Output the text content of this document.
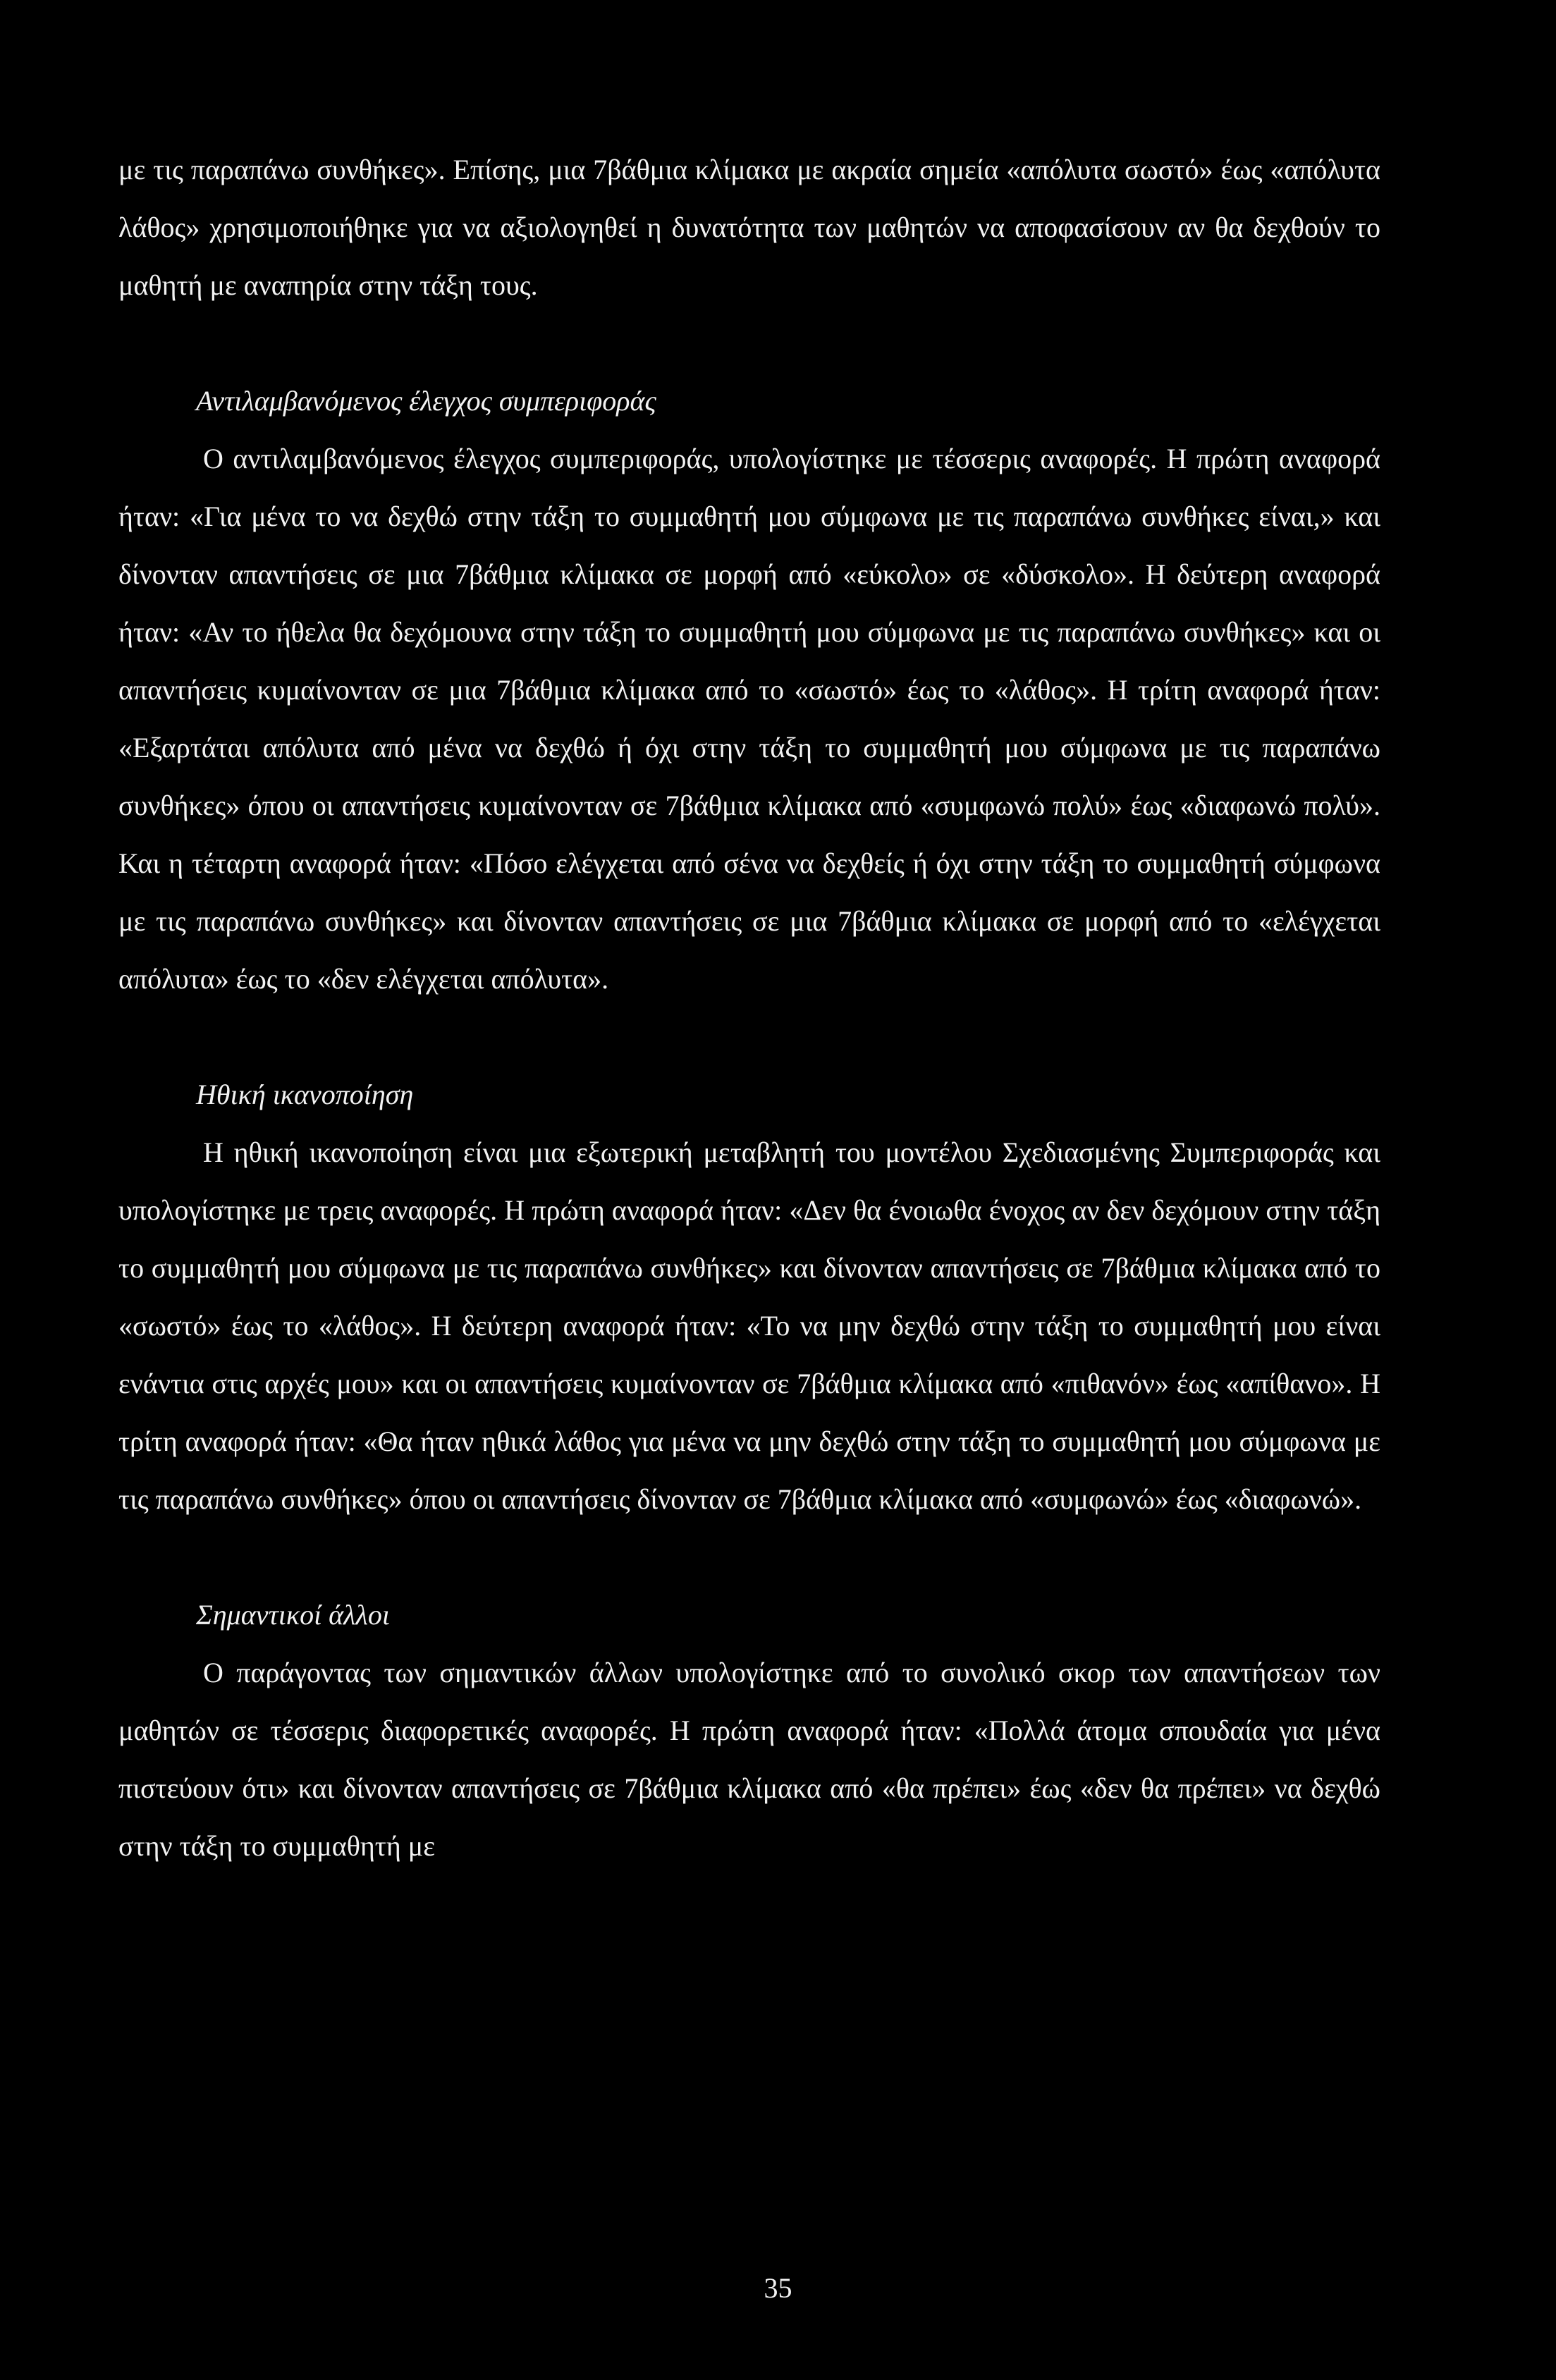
με τις παραπάνω συνθήκες». Επίσης, μια 7βάθμια κλίμακα με ακραία σημεία «απόλυτα σωστό» έως «απόλυτα λάθος» χρησιμοποιήθηκε για να αξιολογηθεί η δυνατότητα των μαθητών να αποφασίσουν αν θα δεχθούν το μαθητή με αναπηρία στην τάξη τους.

Αντιλαμβανόμενος έλεγχος συμπεριφοράς

Ο αντιλαμβανόμενος έλεγχος συμπεριφοράς, υπολογίστηκε με τέσσερις αναφορές. Η πρώτη αναφορά ήταν: «Για μένα το να δεχθώ στην τάξη το συμμαθητή μου σύμφωνα με τις παραπάνω συνθήκες είναι,» και δίνονταν απαντήσεις σε μια 7βάθμια κλίμακα σε μορφή από «εύκολο» σε «δύσκολο». Η δεύτερη αναφορά ήταν: «Αν το ήθελα θα δεχόμουνα στην τάξη το συμμαθητή μου σύμφωνα με τις παραπάνω συνθήκες» και οι απαντήσεις κυμαίνονταν σε μια 7βάθμια κλίμακα από το «σωστό» έως το «λάθος». Η τρίτη αναφορά ήταν: «Εξαρτάται απόλυτα από μένα να δεχθώ ή όχι στην τάξη το συμμαθητή μου σύμφωνα με τις παραπάνω συνθήκες» όπου οι απαντήσεις κυμαίνονταν σε 7βάθμια κλίμακα από «συμφωνώ πολύ» έως «διαφωνώ πολύ». Και η τέταρτη αναφορά ήταν: «Πόσο ελέγχεται από σένα να δεχθείς ή όχι στην τάξη το συμμαθητή σύμφωνα με τις παραπάνω συνθήκες» και δίνονταν απαντήσεις σε μια 7βάθμια κλίμακα σε μορφή από το «ελέγχεται απόλυτα» έως το «δεν ελέγχεται απόλυτα».

Ηθική ικανοποίηση

Η ηθική ικανοποίηση είναι μια εξωτερική μεταβλητή του μοντέλου Σχεδιασμένης Συμπεριφοράς και υπολογίστηκε με τρεις αναφορές. Η πρώτη αναφορά ήταν: «Δεν θα ένοιωθα ένοχος αν δεν δεχόμουν στην τάξη το συμμαθητή μου σύμφωνα με τις παραπάνω συνθήκες» και δίνονταν απαντήσεις σε 7βάθμια κλίμακα από το «σωστό» έως το «λάθος». Η δεύτερη αναφορά ήταν: «Το να μην δεχθώ στην τάξη το συμμαθητή μου είναι ενάντια στις αρχές μου» και οι απαντήσεις κυμαίνονταν σε 7βάθμια κλίμακα από «πιθανόν» έως «απίθανο». Η τρίτη αναφορά ήταν: «Θα ήταν ηθικά λάθος για μένα να μην δεχθώ στην τάξη το συμμαθητή μου σύμφωνα με τις παραπάνω συνθήκες» όπου οι απαντήσεις δίνονταν σε 7βάθμια κλίμακα από «συμφωνώ» έως «διαφωνώ».

Σημαντικοί άλλοι

Ο παράγοντας των σημαντικών άλλων υπολογίστηκε από το συνολικό σκορ των απαντήσεων των μαθητών σε τέσσερις διαφορετικές αναφορές. Η πρώτη αναφορά ήταν: «Πολλά άτομα σπουδαία για μένα πιστεύουν ότι» και δίνονταν απαντήσεις σε 7βάθμια κλίμακα από «θα πρέπει» έως «δεν θα πρέπει» να δεχθώ στην τάξη το συμμαθητή με

35
